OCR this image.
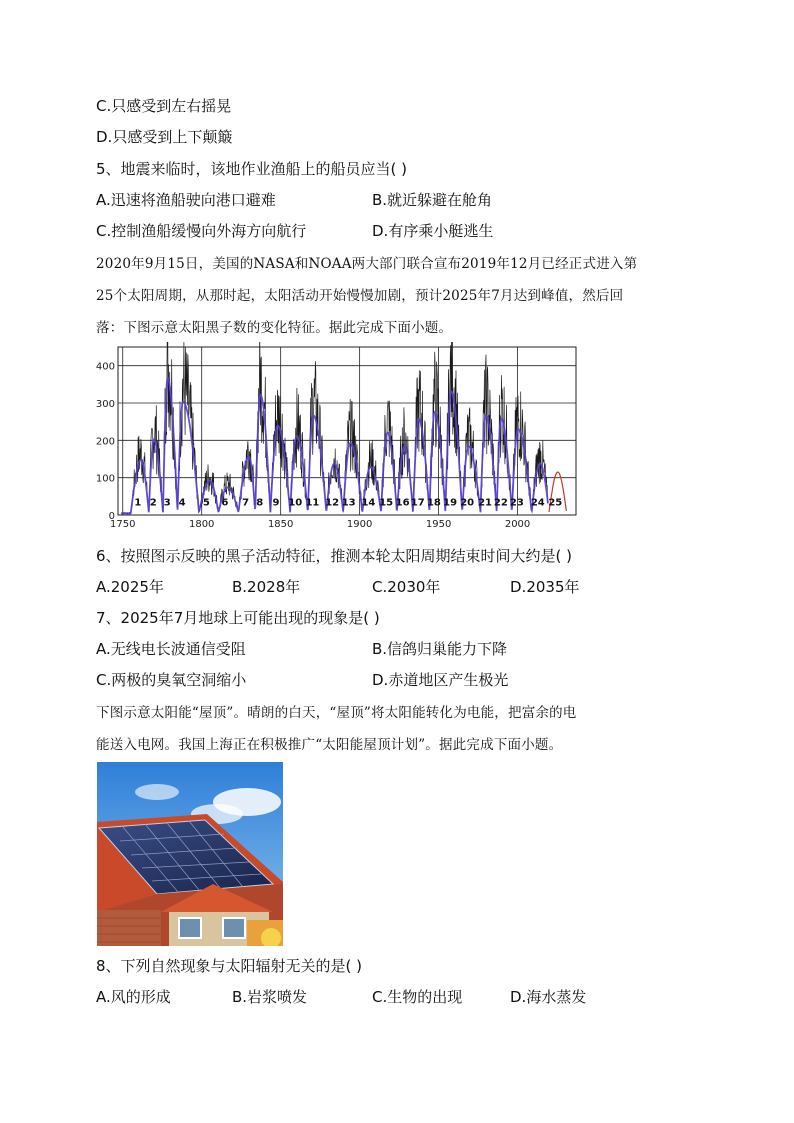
C.只感受到左右摇晃
D.只感受到上下颠簸
5、地震来临时，该地作业渔船上的船员应当( )
A.迅速将渔船驶向港口避难	B.就近躲避在舱角
C.控制渔船缓慢向外海方向航行	D.有序乘小艇逃生
2020年9月15日，美国的NASA和NOAA两大部门联合宣布2019年12月已经正式进入第
25个太阳周期，从那时起，太阳活动开始慢慢加剧，预计2025年7月达到峰值，然后回
落：下图示意太阳黑子数的变化特征。据此完成下面小题。
0
100
200
300
400
1750	1800	1850	1900	1950	2000
1 2 3 4 5 6 7 8 9 10 11 12 13 14 15 16 17 18 19 20 21 22 23 24 25
6、按照图示反映的黑子活动特征，推测本轮太阳周期结束时间大约是( )
A.2025年	B.2028年	C.2030年	D.2035年
7、2025年7月地球上可能出现的现象是( )
A.无线电长波通信受阻	B.信鸽归巢能力下降
C.两极的臭氧空洞缩小	D.赤道地区产生极光
下图示意太阳能“屋顶”。晴朗的白天，“屋顶”将太阳能转化为电能，把富余的电
能送入电网。我国上海正在积极推广“太阳能屋顶计划”。据此完成下面小题。
8、下列自然现象与太阳辐射无关的是( )
A.风的形成	B.岩浆喷发	C.生物的出现	D.海水蒸发
